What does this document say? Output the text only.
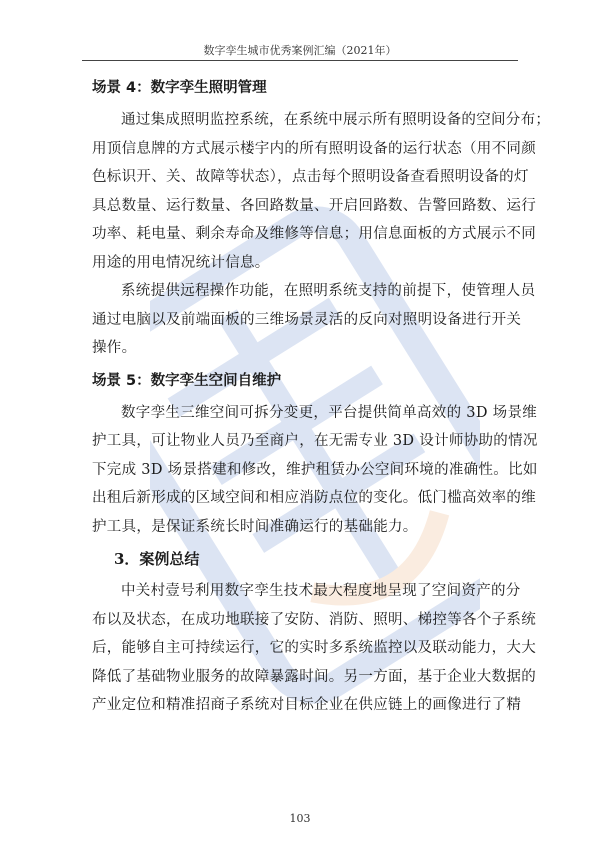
数字孪生城市优秀案例汇编（2021年）
场景 4：数字孪生照明管理
通过集成照明监控系统，在系统中展示所有照明设备的空间分布；
用顶信息牌的方式展示楼宇内的所有照明设备的运行状态（用不同颜
色标识开、关、故障等状态），点击每个照明设备查看照明设备的灯
具总数量、运行数量、各回路数量、开启回路数、告警回路数、运行
功率、耗电量、剩余寿命及维修等信息；用信息面板的方式展示不同
用途的用电情况统计信息。
系统提供远程操作功能，在照明系统支持的前提下，使管理人员
通过电脑以及前端面板的三维场景灵活的反向对照明设备进行开关
操作。
场景 5：数字孪生空间自维护
数字孪生三维空间可拆分变更，平台提供简单高效的 3D 场景维
护工具，可让物业人员乃至商户，在无需专业 3D 设计师协助的情况
下完成 3D 场景搭建和修改，维护租赁办公空间环境的准确性。比如
出租后新形成的区域空间和相应消防点位的变化。低门槛高效率的维
护工具，是保证系统长时间准确运行的基础能力。
3．案例总结
中关村壹号利用数字孪生技术最大程度地呈现了空间资产的分
布以及状态，在成功地联接了安防、消防、照明、梯控等各个子系统
后，能够自主可持续运行，它的实时多系统监控以及联动能力，大大
降低了基础物业服务的故障暴露时间。另一方面，基于企业大数据的
产业定位和精准招商子系统对目标企业在供应链上的画像进行了精
103
